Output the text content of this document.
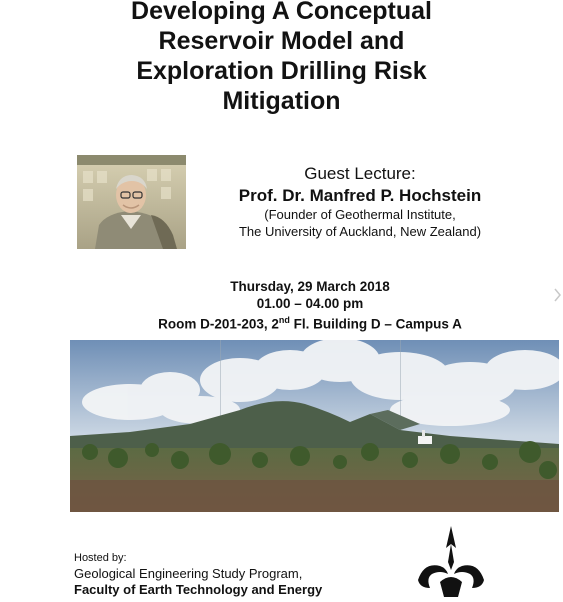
Developing A Conceptual
Reservoir Model and
Exploration Drilling Risk
Mitigation
Guest Lecture:
Prof. Dr. Manfred P. Hochstein
(Founder of Geothermal Institute,
The University of Auckland, New Zealand)
Thursday, 29 March 2018
01.00 – 04.00 pm
Room D-201-203, 2nd Fl. Building D – Campus A
Hosted by:
Geological Engineering Study Program,
Faculty of Earth Technology and Energy
